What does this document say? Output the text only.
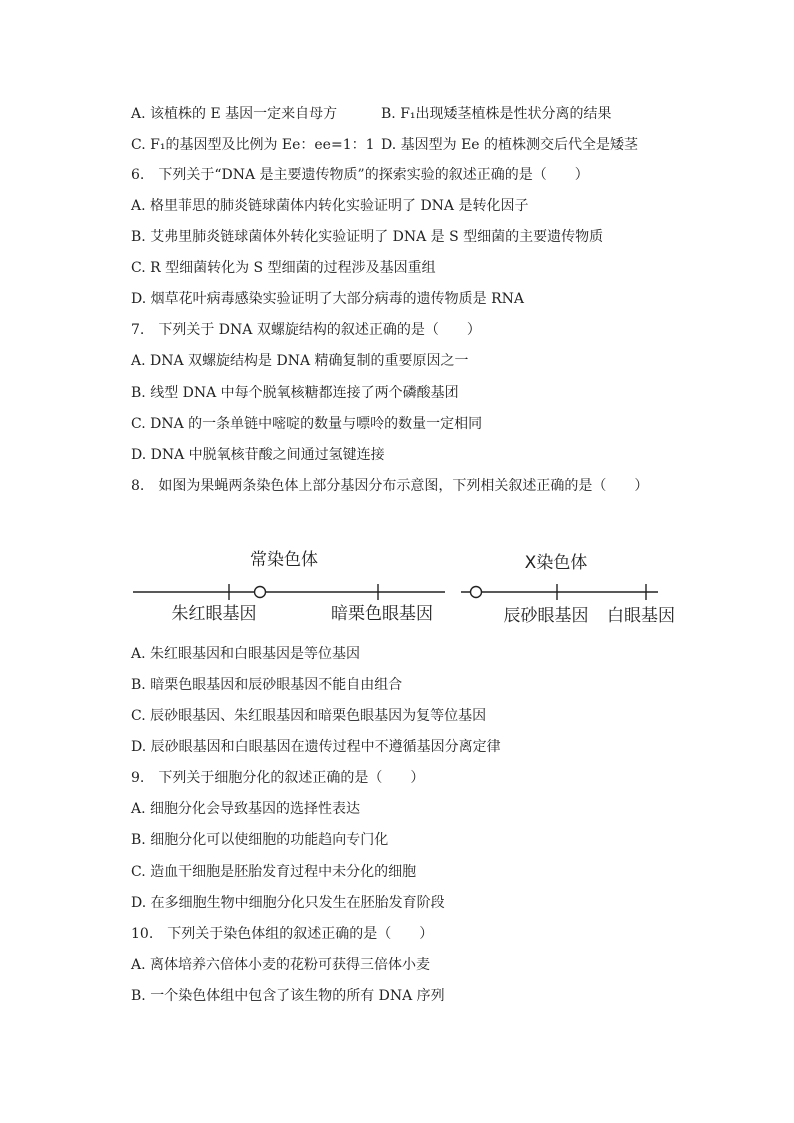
A. 该植株的 E 基因一定来自母方	B. F₁出现矮茎植株是性状分离的结果
C. F₁的基因型及比例为 Ee：ee=1：1 D. 基因型为 Ee 的植株测交后代全是矮茎
6.　下列关于“DNA 是主要遗传物质”的探索实验的叙述正确的是（　　）
A. 格里菲思的肺炎链球菌体内转化实验证明了 DNA 是转化因子
B. 艾弗里肺炎链球菌体外转化实验证明了 DNA 是 S 型细菌的主要遗传物质
C. R 型细菌转化为 S 型细菌的过程涉及基因重组
D. 烟草花叶病毒感染实验证明了大部分病毒的遗传物质是 RNA
7.　下列关于 DNA 双螺旋结构的叙述正确的是（　　）
A. DNA 双螺旋结构是 DNA 精确复制的重要原因之一
B. 线型 DNA 中每个脱氧核糖都连接了两个磷酸基团
C. DNA 的一条单链中嘧啶的数量与嘌呤的数量一定相同
D. DNA 中脱氧核苷酸之间通过氢键连接
8.　如图为果蝇两条染色体上部分基因分布示意图，下列相关叙述正确的是（　　）
常染色体
朱红眼基因	暗栗色眼基因
X染色体
辰砂眼基因 白眼基因
A. 朱红眼基因和白眼基因是等位基因
B. 暗栗色眼基因和辰砂眼基因不能自由组合
C. 辰砂眼基因、朱红眼基因和暗栗色眼基因为复等位基因
D. 辰砂眼基因和白眼基因在遗传过程中不遵循基因分离定律
9.　下列关于细胞分化的叙述正确的是（　　）
A. 细胞分化会导致基因的选择性表达
B. 细胞分化可以使细胞的功能趋向专门化
C. 造血干细胞是胚胎发育过程中未分化的细胞
D. 在多细胞生物中细胞分化只发生在胚胎发育阶段
10.　下列关于染色体组的叙述正确的是（　　）
A. 离体培养六倍体小麦的花粉可获得三倍体小麦
B. 一个染色体组中包含了该生物的所有 DNA 序列
